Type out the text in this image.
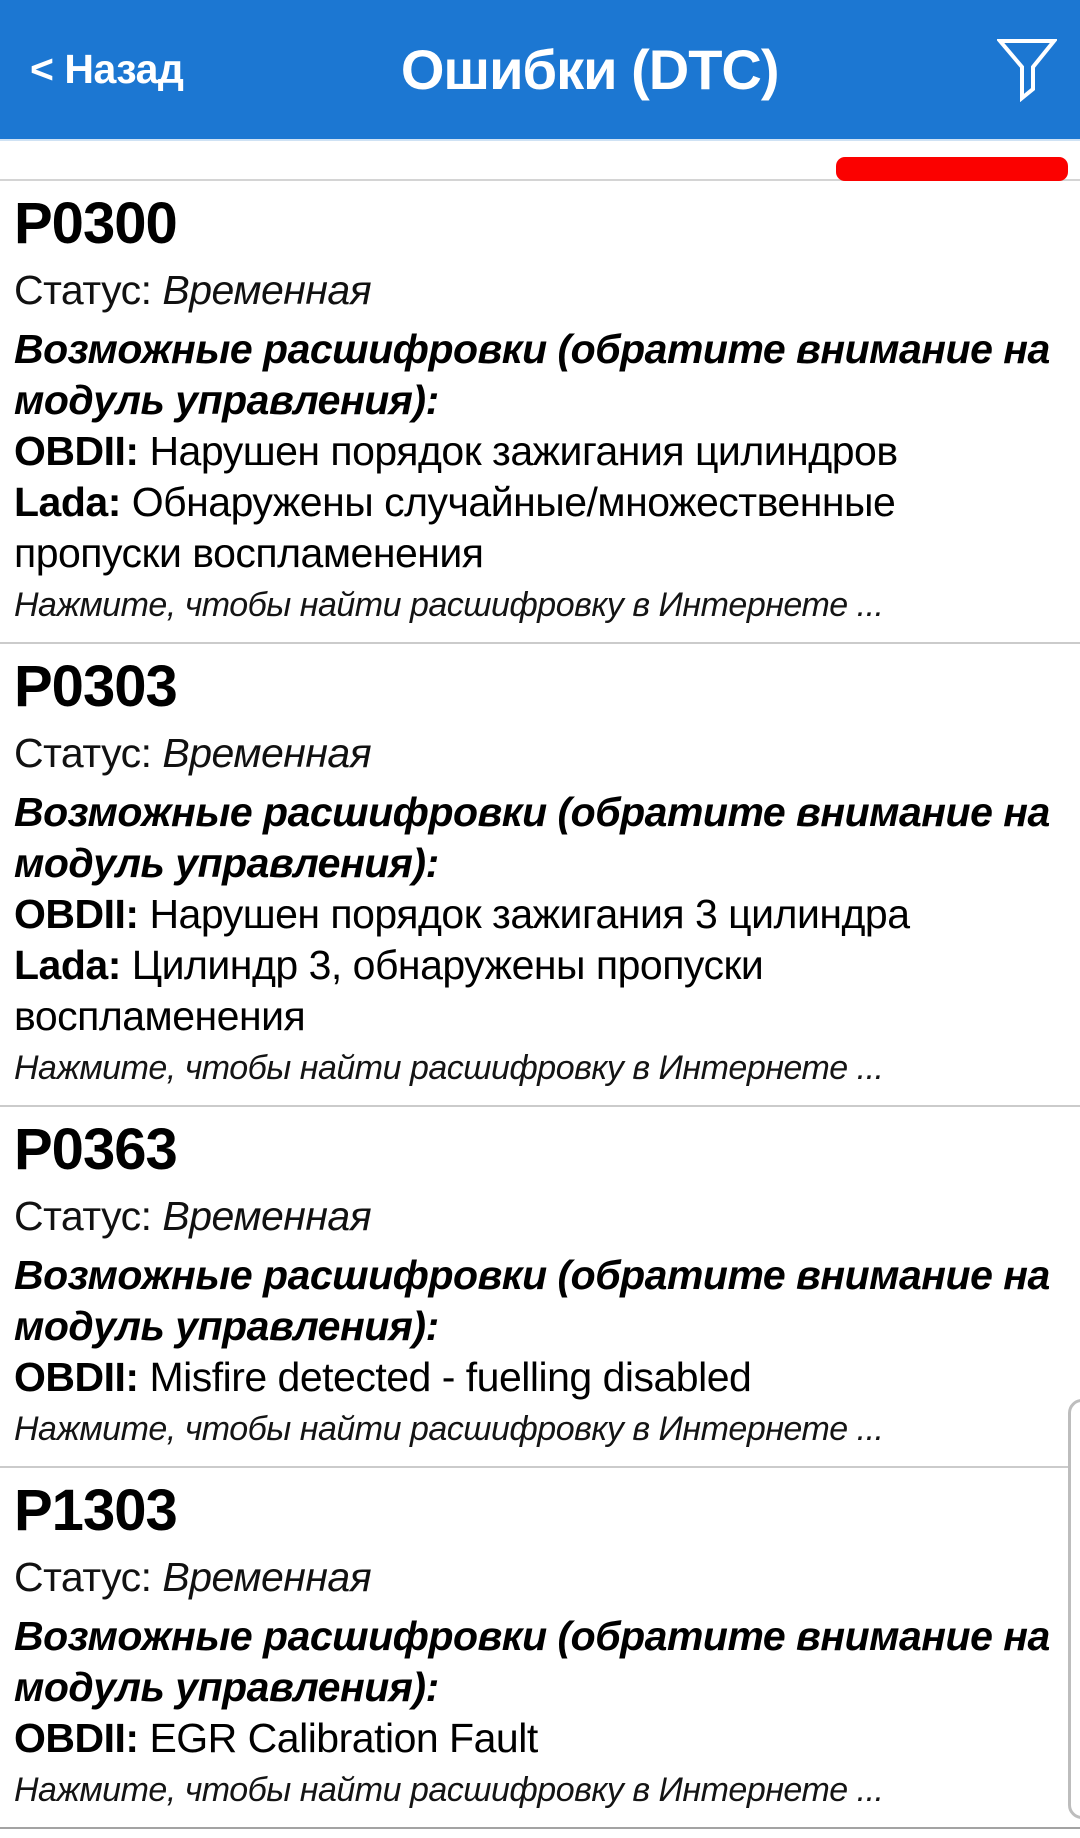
< Назад	Ошибки (DTC)
P0300
Статус: Временная
Возможные расшифровки (обратите внимание на модуль управления):
OBDII: Нарушен порядок зажигания цилиндров
Lada: Обнаружены случайные/множественные пропуски воспламенения
Нажмите, чтобы найти расшифровку в Интернете ...
P0303
Статус: Временная
Возможные расшифровки (обратите внимание на модуль управления):
OBDII: Нарушен порядок зажигания 3 цилиндра
Lada: Цилиндр 3, обнаружены пропуски воспламенения
Нажмите, чтобы найти расшифровку в Интернете ...
P0363
Статус: Временная
Возможные расшифровки (обратите внимание на модуль управления):
OBDII: Misfire detected - fuelling disabled
Нажмите, чтобы найти расшифровку в Интернете ...
P1303
Статус: Временная
Возможные расшифровки (обратите внимание на модуль управления):
OBDII: EGR Calibration Fault
Нажмите, чтобы найти расшифровку в Интернете ...
